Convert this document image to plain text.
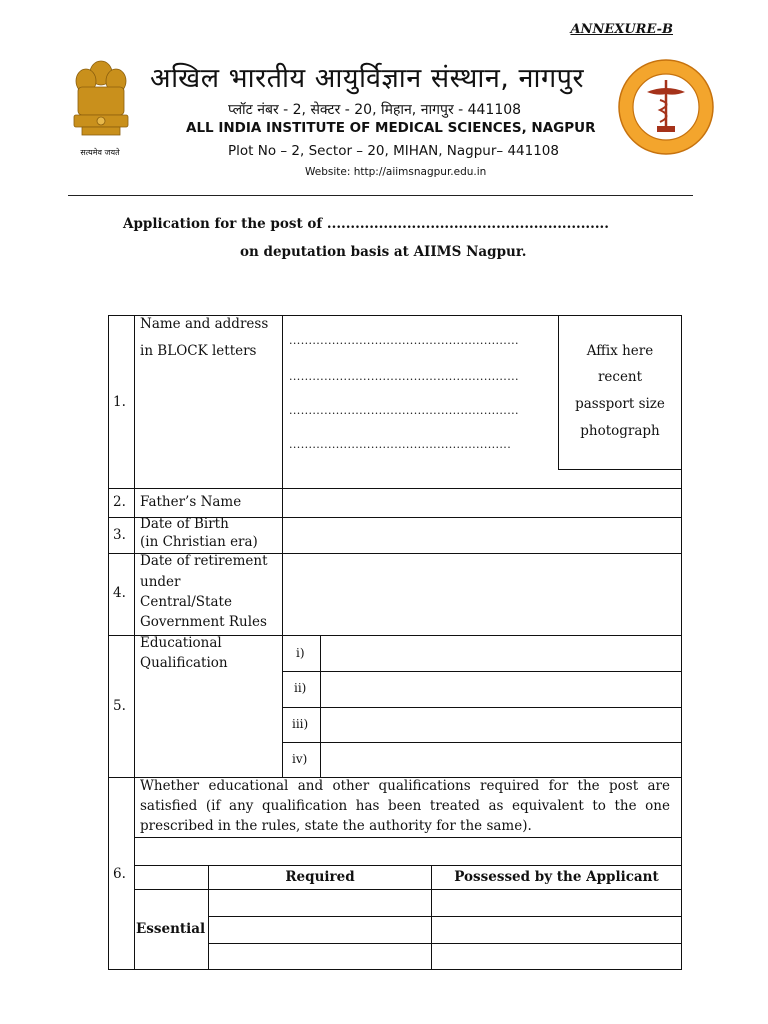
ANNEXURE-B
सत्यमेव जयते
अखिल भारतीय आयुर्विज्ञान संस्थान, नागपुर
प्लॉट नंबर - 2, सेक्टर - 20, मिहान, नागपुर - 441108
ALL INDIA INSTITUTE OF MEDICAL SCIENCES, NAGPUR
Plot No – 2, Sector – 20, MIHAN, Nagpur– 441108
Website: http://aiimsnagpur.edu.in
Application for the post of ............................................................
on deputation basis at AIIMS Nagpur.
1.
Name and address
in BLOCK letters
...........................................................
...........................................................
...........................................................
.........................................................
Affix here
recent
passport size
photograph
2. Father’s Name
3.
Date of Birth
(in Christian era)
4.
Date of retirement
under
Central/State
Government Rules
5.
Educational
Qualification
i)
ii)
iii)
iv)
6.
Whether educational and other qualifications required for the post are satisfied (if any qualification has been treated as equivalent to the one prescribed in the rules, state the authority for the same).
Required	Possessed by the Applicant
Essential
